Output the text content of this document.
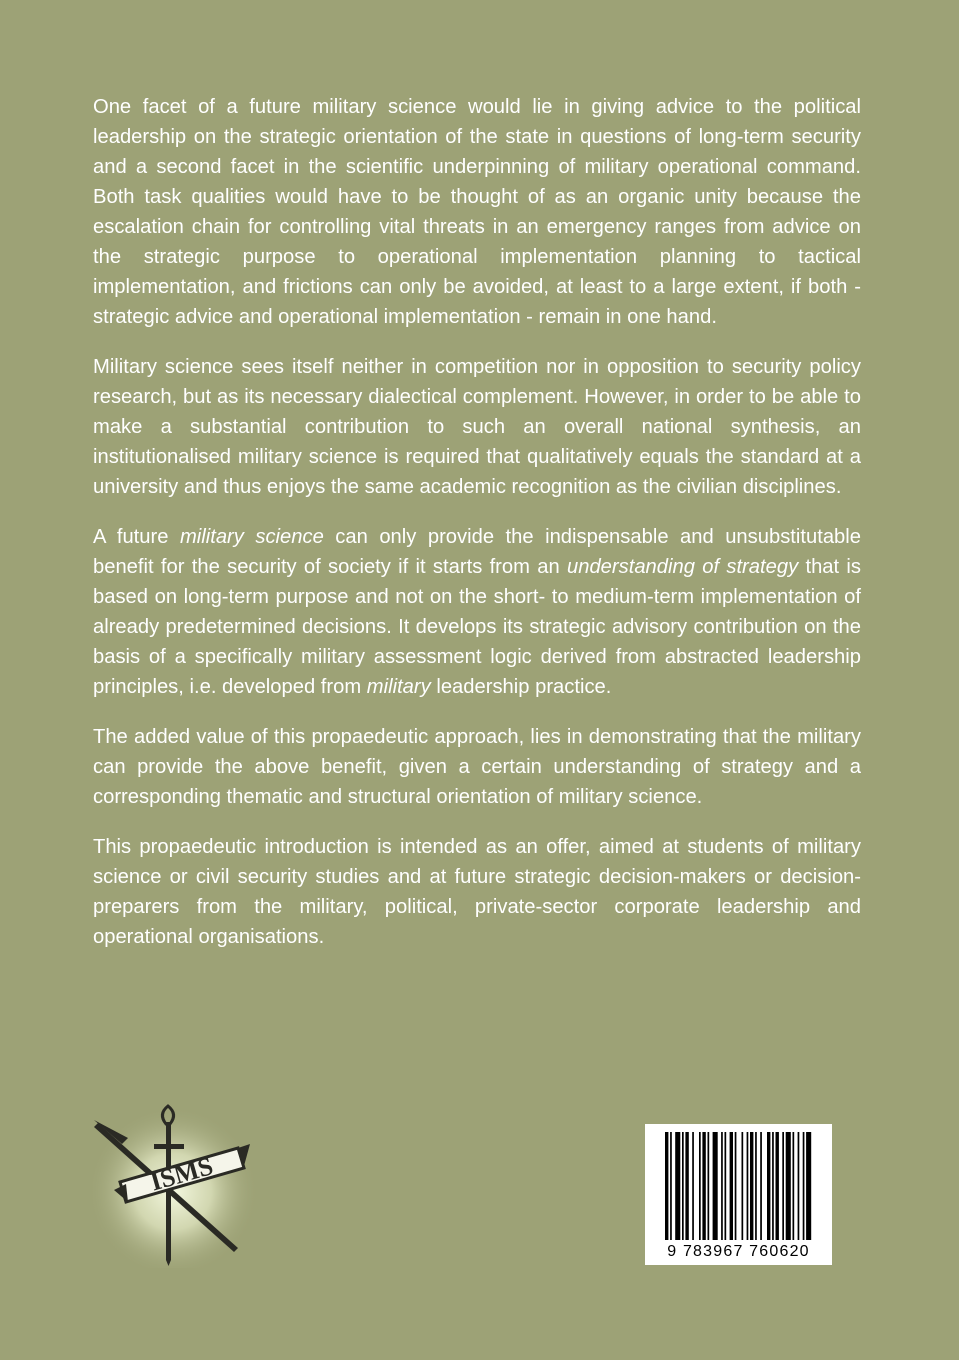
One facet of a future military science would lie in giving advice to the political leadership on the strategic orientation of the state in questions of long-term security and a second facet in the scientific underpinning of military operational command. Both task qualities would have to be thought of as an organic unity because the escalation chain for controlling vital threats in an emergency ranges from advice on the strategic purpose to operational implementation planning to tactical implementation, and frictions can only be avoided, at least to a large extent, if both - strategic advice and operational implementation - remain in one hand.

Military science sees itself neither in competition nor in opposition to security policy research, but as its necessary dialectical complement. However, in order to be able to make a substantial contribution to such an overall national synthesis, an institutionalised military science is required that qualitatively equals the standard at a university and thus enjoys the same academic recognition as the civilian disciplines.

A future military science can only provide the indispensable and unsubstitutable benefit for the security of society if it starts from an understanding of strategy that is based on long-term purpose and not on the short- to medium-term implementation of already predetermined decisions. It develops its strategic advisory contribution on the basis of a specifically military assessment logic derived from abstracted leadership principles, i.e. developed from military leadership practice.

The added value of this propaedeutic approach, lies in demonstrating that the military can provide the above benefit, given a certain understanding of strategy and a corresponding thematic and structural orientation of military science.

This propaedeutic introduction is intended as an offer, aimed at students of military science or civil security studies and at future strategic decision-makers or decision-preparers from the military, political, private-sector corporate leadership and operational organisations.

ISMS
9 783967 760620
